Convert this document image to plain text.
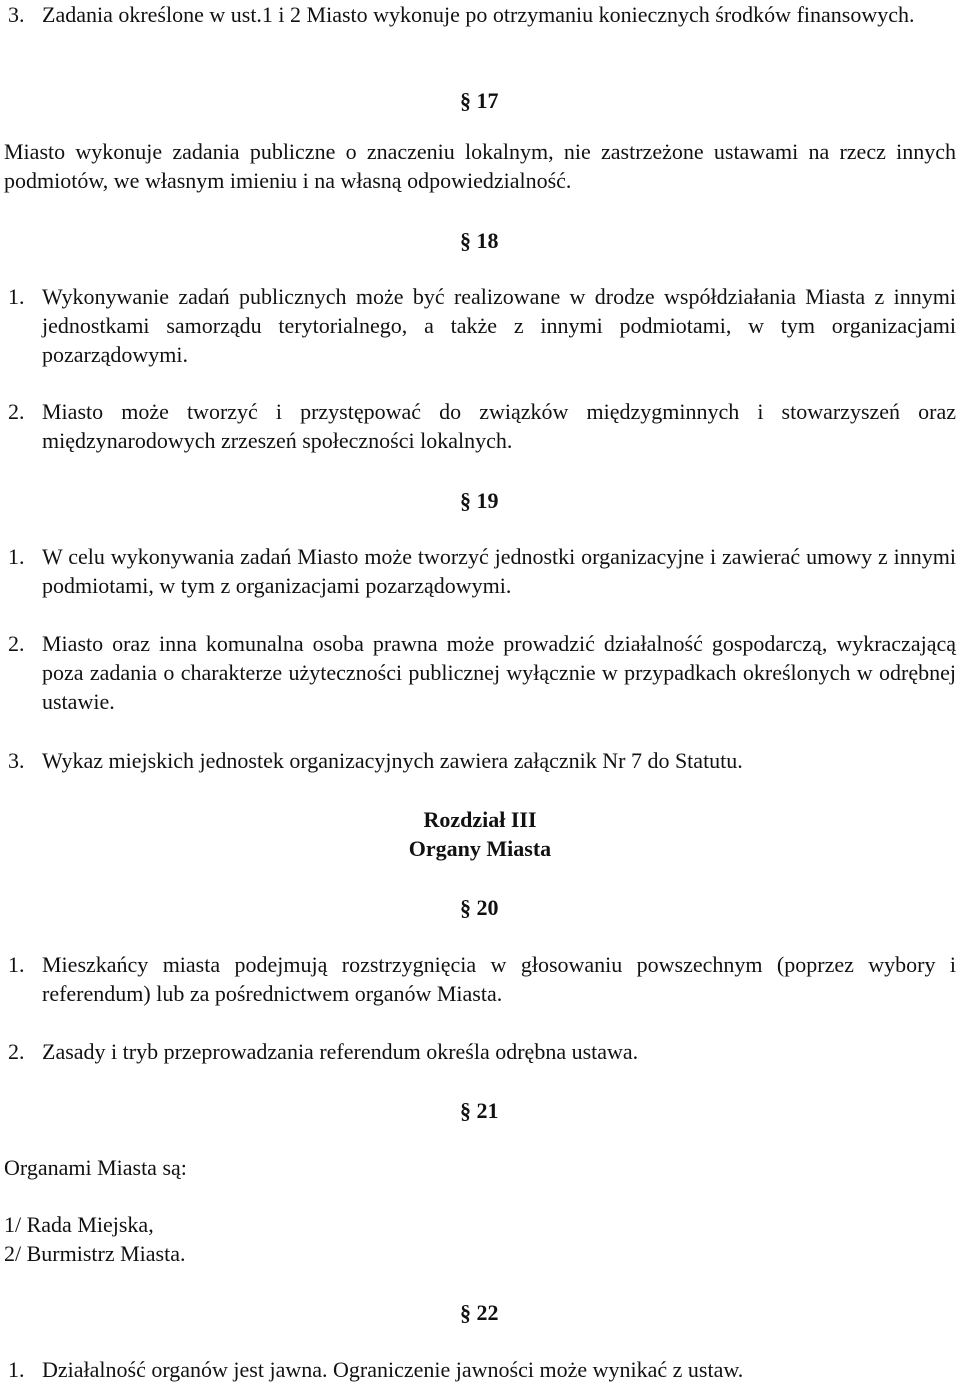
3. Zadania określone w ust.1 i 2 Miasto wykonuje po otrzymaniu koniecznych środków finansowych.
§ 17
Miasto wykonuje zadania publiczne o znaczeniu lokalnym, nie zastrzeżone ustawami na rzecz innych podmiotów, we własnym imieniu i na własną odpowiedzialność.
§ 18
1. Wykonywanie zadań publicznych może być realizowane w drodze współdziałania Miasta z innymi jednostkami samorządu terytorialnego, a także z innymi podmiotami, w tym organizacjami pozarządowymi.
2. Miasto może tworzyć i przystępować do związków międzygminnych i stowarzyszeń oraz międzynarodowych zrzeszeń społeczności lokalnych.
§ 19
1. W celu wykonywania zadań Miasto może tworzyć jednostki organizacyjne i zawierać umowy z innymi podmiotami, w tym z organizacjami pozarządowymi.
2. Miasto oraz inna komunalna osoba prawna może prowadzić działalność gospodarczą, wykraczającą poza zadania o charakterze użyteczności publicznej wyłącznie w przypadkach określonych w odrębnej ustawie.
3. Wykaz miejskich jednostek organizacyjnych zawiera załącznik Nr 7 do Statutu.
Rozdział III
Organy Miasta
§ 20
1. Mieszkańcy miasta podejmują rozstrzygnięcia w głosowaniu powszechnym (poprzez wybory i referendum) lub za pośrednictwem organów Miasta.
2. Zasady i tryb przeprowadzania referendum określa odrębna ustawa.
§ 21
Organami Miasta są:
1/ Rada Miejska,
2/ Burmistrz Miasta.
§ 22
1. Działalność organów jest jawna. Ograniczenie jawności może wynikać z ustaw.
